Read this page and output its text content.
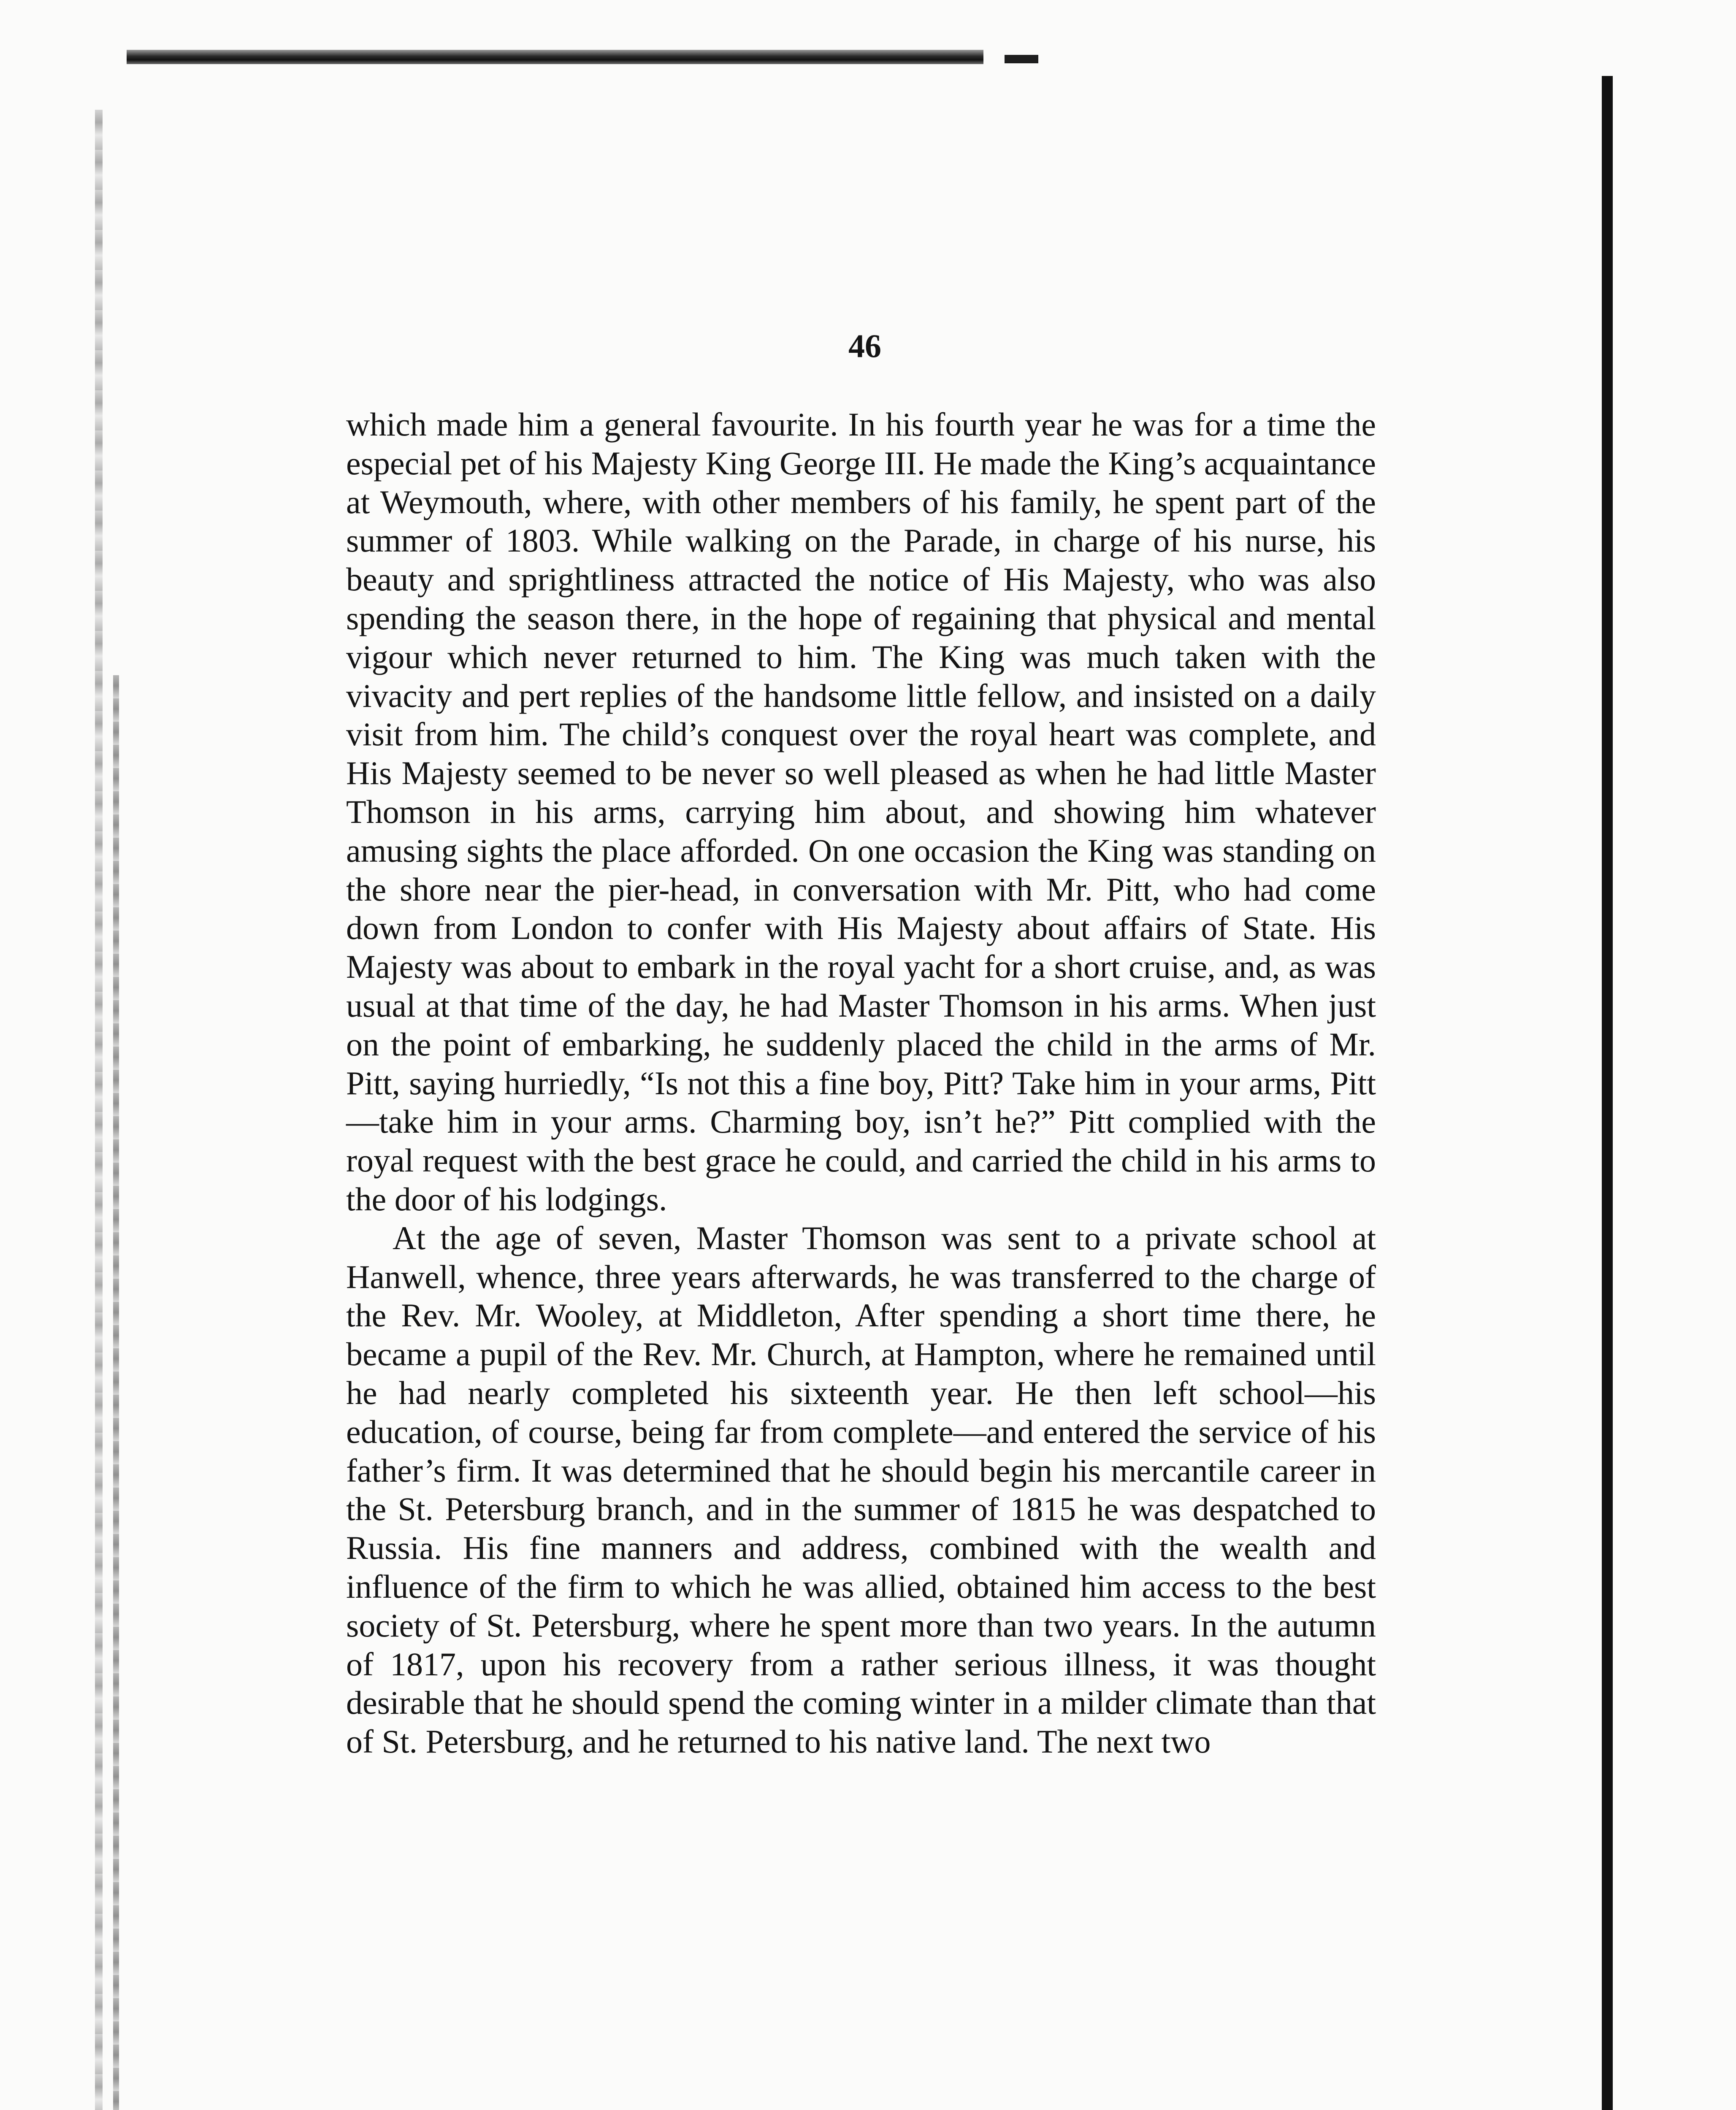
46

which made him a general favourite. In his fourth year he was for a time the especial pet of his Majesty King George III. He made the King’s acquaintance at Weymouth, where, with other members of his family, he spent part of the summer of 1803. While walking on the Parade, in charge of his nurse, his beauty and sprightliness attracted the notice of His Majesty, who was also spending the season there, in the hope of regaining that physical and mental vigour which never returned to him. The King was much taken with the vivacity and pert replies of the handsome little fellow, and insisted on a daily visit from him. The child’s conquest over the royal heart was complete, and His Majesty seemed to be never so well pleased as when he had little Master Thomson in his arms, carrying him about, and showing him whatever amusing sights the place afforded. On one occasion the King was standing on the shore near the pier-head, in conversation with Mr. Pitt, who had come down from London to confer with His Majesty about affairs of State. His Majesty was about to embark in the royal yacht for a short cruise, and, as was usual at that time of the day, he had Master Thomson in his arms. When just on the point of embarking, he suddenly placed the child in the arms of Mr. Pitt, saying hurriedly, “Is not this a fine boy, Pitt? Take him in your arms, Pitt—take him in your arms. Charming boy, isn’t he?” Pitt complied with the royal request with the best grace he could, and carried the child in his arms to the door of his lodgings.

At the age of seven, Master Thomson was sent to a private school at Hanwell, whence, three years afterwards, he was transferred to the charge of the Rev. Mr. Wooley, at Middleton, After spending a short time there, he became a pupil of the Rev. Mr. Church, at Hampton, where he remained until he had nearly completed his sixteenth year. He then left school—his education, of course, being far from complete—and entered the service of his father’s firm. It was determined that he should begin his mercantile career in the St. Petersburg branch, and in the summer of 1815 he was despatched to Russia. His fine manners and address, combined with the wealth and influence of the firm to which he was allied, obtained him access to the best society of St. Petersburg, where he spent more than two years. In the autumn of 1817, upon his recovery from a rather serious illness, it was thought desirable that he should spend the coming winter in a milder climate than that of St. Petersburg, and he returned to his native land. The next two
